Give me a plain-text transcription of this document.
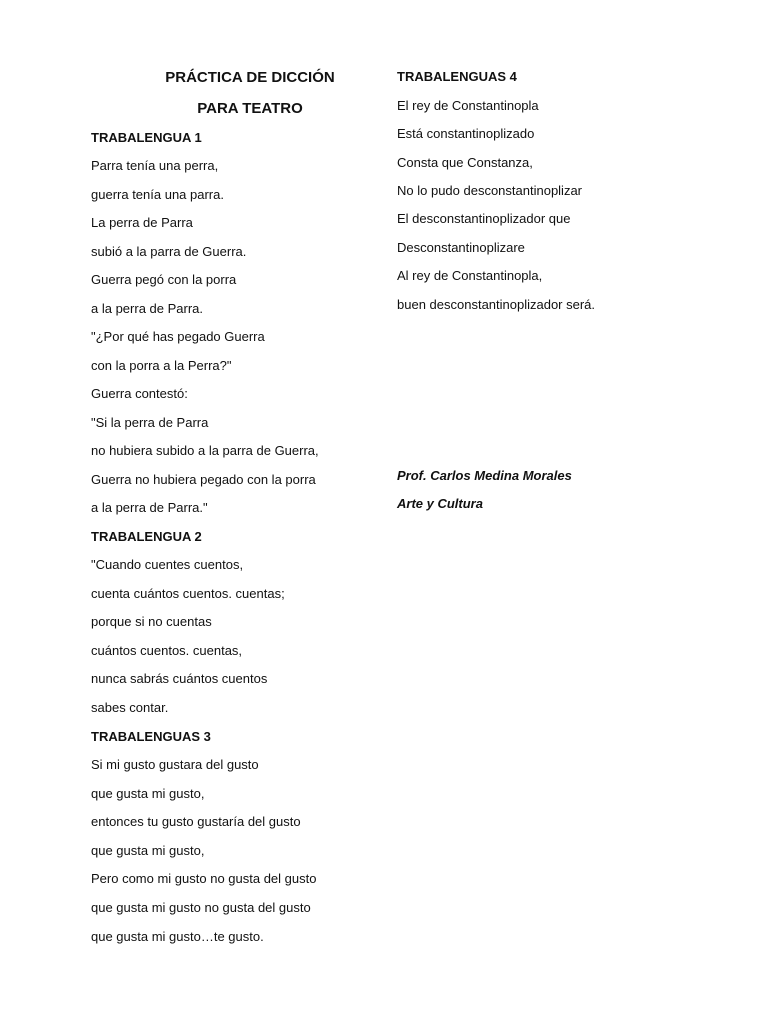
PRÁCTICA DE DICCIÓN
PARA TEATRO
TRABALENGUA 1
Parra tenía una perra,
guerra tenía una parra.
La perra de Parra
subió a la parra de Guerra.
Guerra pegó con la porra
a la perra de Parra.
"¿Por qué has pegado Guerra
con la porra a la Perra?"
Guerra contestó:
"Si la perra de Parra
no hubiera subido a la parra de Guerra,
Guerra no hubiera pegado con la porra
a la perra de Parra."
TRABALENGUA 2
"Cuando cuentes cuentos,
cuenta cuántos cuentos. cuentas;
porque si no cuentas
cuántos cuentos. cuentas,
nunca sabrás cuántos cuentos
sabes contar.
TRABALENGUAS 3
Si mi gusto gustara del gusto
que gusta mi gusto,
entonces tu gusto gustaría del gusto
que gusta mi gusto,
Pero como mi gusto no gusta del gusto
que gusta mi gusto no gusta del gusto
que gusta mi gusto…te gusto.
TRABALENGUAS 4
El rey de Constantinopla
Está constantinoplizado
Consta que Constanza,
No lo pudo desconstantinoplizar
El desconstantinoplizador que
Desconstantinoplizare
Al rey de Constantinopla,
buen desconstantinoplizador será.
Prof. Carlos Medina Morales
Arte y Cultura
